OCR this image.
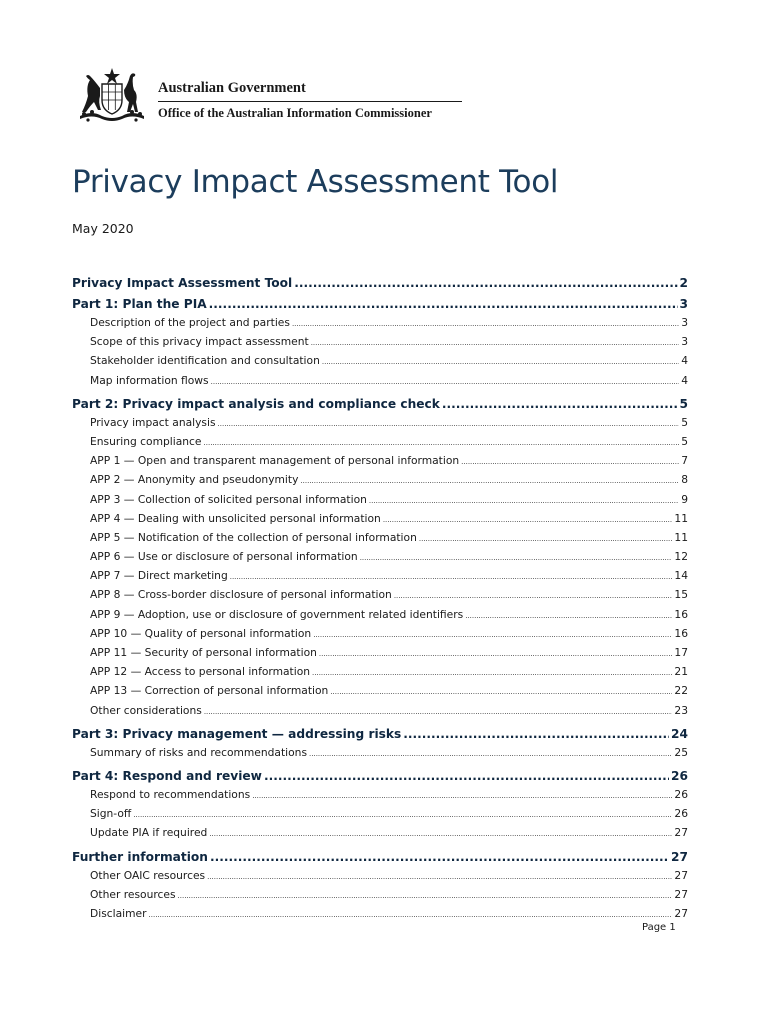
Australian Government
Office of the Australian Information Commissioner
Privacy Impact Assessment Tool
May 2020
Privacy Impact Assessment Tool .....	2
Part 1: Plan the PIA .....	3
Description of the project and parties .....	3
Scope of this privacy impact assessment .....	3
Stakeholder identification and consultation .....	4
Map information flows .....	4
Part 2: Privacy impact analysis and compliance check .....	5
Privacy impact analysis .....	5
Ensuring compliance .....	5
APP 1 — Open and transparent management of personal information .....	7
APP 2 — Anonymity and pseudonymity .....	8
APP 3 — Collection of solicited personal information .....	9
APP 4 — Dealing with unsolicited personal information .....	11
APP 5 — Notification of the collection of personal information .....	11
APP 6 — Use or disclosure of personal information .....	12
APP 7 — Direct marketing .....	14
APP 8 — Cross-border disclosure of personal information .....	15
APP 9 — Adoption, use or disclosure of government related identifiers .....	16
APP 10 — Quality of personal information .....	16
APP 11 — Security of personal information .....	17
APP 12 — Access to personal information .....	21
APP 13 — Correction of personal information .....	22
Other considerations .....	23
Part 3: Privacy management — addressing risks .....	24
Summary of risks and recommendations .....	25
Part 4: Respond and review .....	26
Respond to recommendations .....	26
Sign-off .....	26
Update PIA if required .....	27
Further information .....	27
Other OAIC resources .....	27
Other resources .....	27
Disclaimer .....	27
Page 1
